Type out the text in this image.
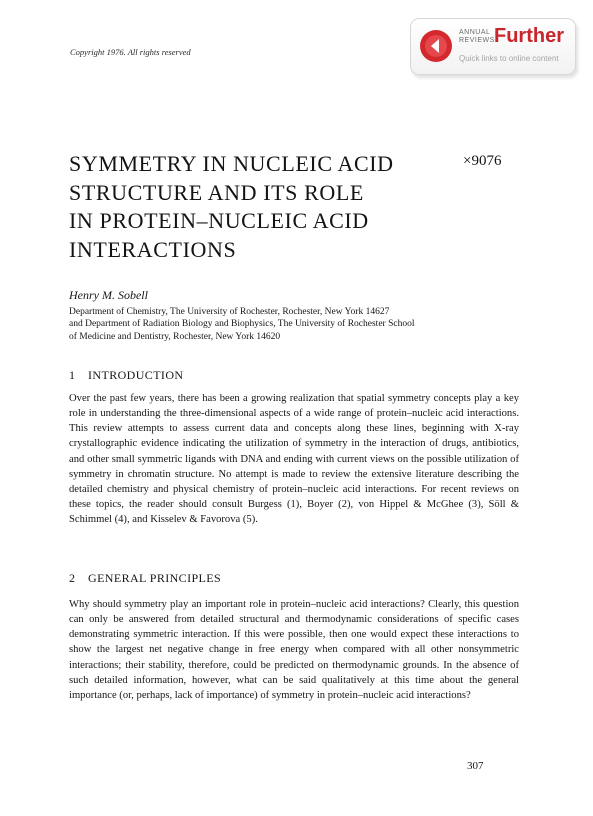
Copyright 1976. All rights reserved
ANNUAL
REVIEWS Further
Quick links to online content
SYMMETRY IN NUCLEIC ACID
STRUCTURE AND ITS ROLE
IN PROTEIN–NUCLEIC ACID
INTERACTIONS
×9076
Henry M. Sobell
Department of Chemistry, The University of Rochester, Rochester, New York 14627
and Department of Radiation Biology and Biophysics, The University of Rochester School
of Medicine and Dentistry, Rochester, New York 14620
1 INTRODUCTION
Over the past few years, there has been a growing realization that spatial symmetry concepts play a key role in understanding the three-dimensional aspects of a wide range of protein–nucleic acid interactions. This review attempts to assess current data and concepts along these lines, beginning with X-ray crystallographic evidence indicating the utilization of symmetry in the interaction of drugs, antibiotics, and other small symmetric ligands with DNA and ending with current views on the possible utilization of symmetry in chromatin structure. No attempt is made to review the extensive literature describing the detailed chemistry and physical chemistry of protein–nucleic acid interactions. For recent reviews on these topics, the reader should consult Burgess (1), Boyer (2), von Hippel & McGhee (3), Söll & Schimmel (4), and Kisselev & Favorova (5).
2 GENERAL PRINCIPLES
Why should symmetry play an important role in protein–nucleic acid interactions? Clearly, this question can only be answered from detailed structural and thermodynamic considerations of specific cases demonstrating symmetric interaction. If this were possible, then one would expect these interactions to show the largest net negative change in free energy when compared with all other nonsymmetric interactions; their stability, therefore, could be predicted on thermodynamic grounds. In the absence of such detailed information, however, what can be said qualitatively at this time about the general importance (or, perhaps, lack of importance) of symmetry in protein–nucleic acid interactions?
307
